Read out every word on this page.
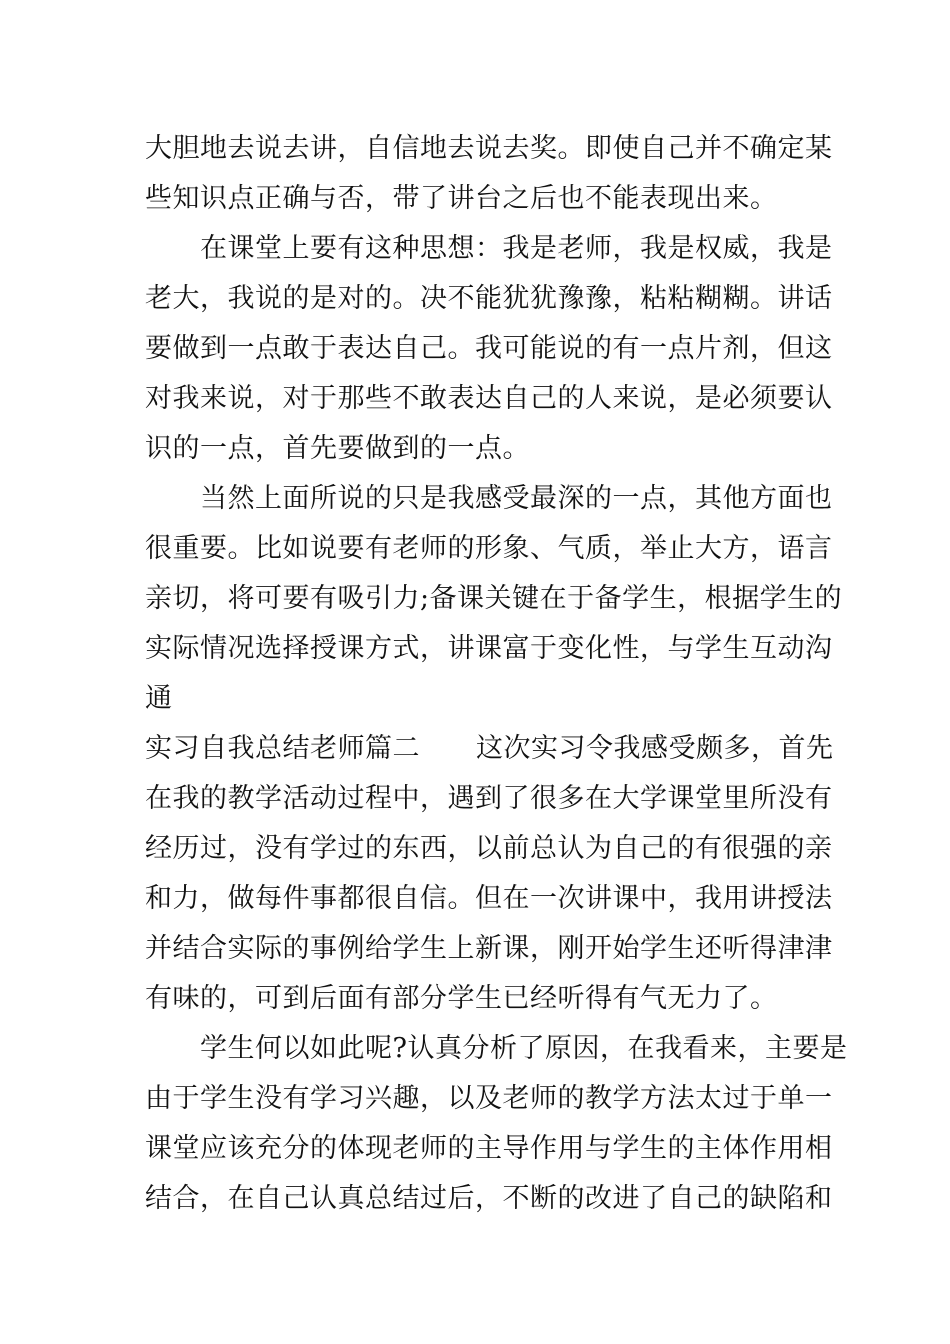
大胆地去说去讲，自信地去说去奖。即使自己并不确定某
些知识点正确与否，带了讲台之后也不能表现出来。
在课堂上要有这种思想：我是老师，我是权威，我是
老大，我说的是对的。决不能犹犹豫豫，粘粘糊糊。讲话
要做到一点敢于表达自己。我可能说的有一点片剂，但这
对我来说，对于那些不敢表达自己的人来说，是必须要认
识的一点，首先要做到的一点。
当然上面所说的只是我感受最深的一点，其他方面也
很重要。比如说要有老师的形象、气质，举止大方，语言
亲切，将可要有吸引力;备课关键在于备学生，根据学生的
实际情况选择授课方式，讲课富于变化性，与学生互动沟
通
实习自我总结老师篇二 这次实习令我感受颇多，首先
在我的教学活动过程中，遇到了很多在大学课堂里所没有
经历过，没有学过的东西，以前总认为自己的有很强的亲
和力，做每件事都很自信。但在一次讲课中，我用讲授法
并结合实际的事例给学生上新课，刚开始学生还听得津津
有味的，可到后面有部分学生已经听得有气无力了。
学生何以如此呢?认真分析了原因，在我看来，主要是
由于学生没有学习兴趣，以及老师的教学方法太过于单一
课堂应该充分的体现老师的主导作用与学生的主体作用相
结合，在自己认真总结过后，不断的改进了自己的缺陷和
